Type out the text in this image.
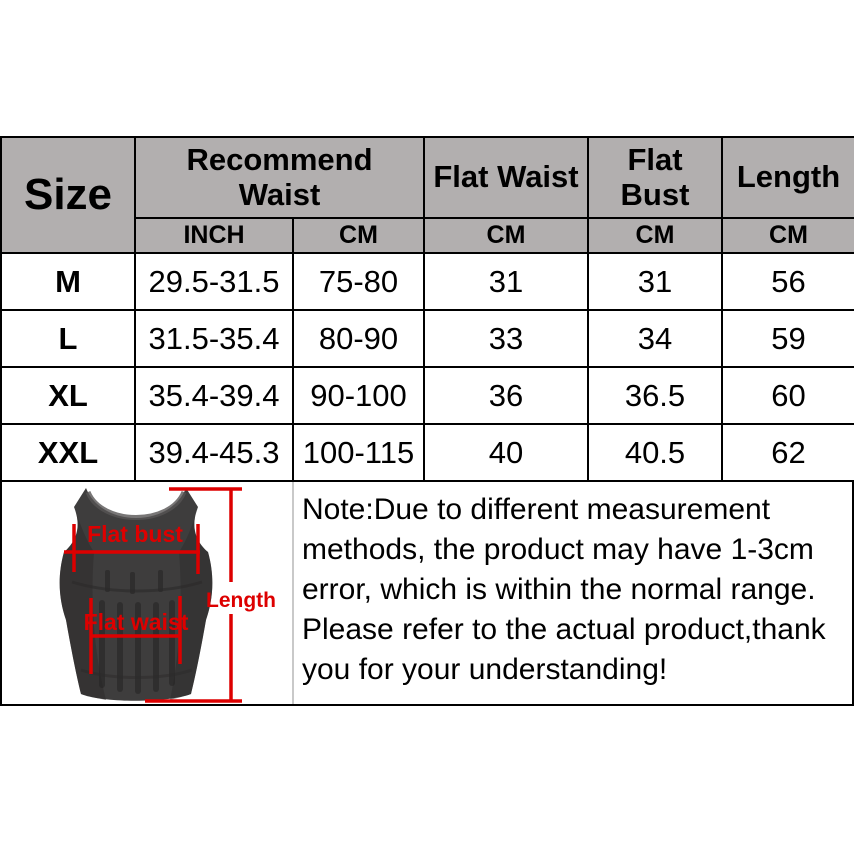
Size	Recommend Waist		Flat Waist	Flat Bust	Length
	INCH	CM	CM	CM	CM
M	29.5-31.5	75-80	31	31	56
L	31.5-35.4	80-90	33	34	59
XL	35.4-39.4	90-100	36	36.5	60
XXL	39.4-45.3	100-115	40	40.5	62
Flat bust
Flat waist
Length

Note:Due to different measurement methods, the product may have 1-3cm error, which is within the normal range. Please refer to the actual product,thank you for your understanding!
